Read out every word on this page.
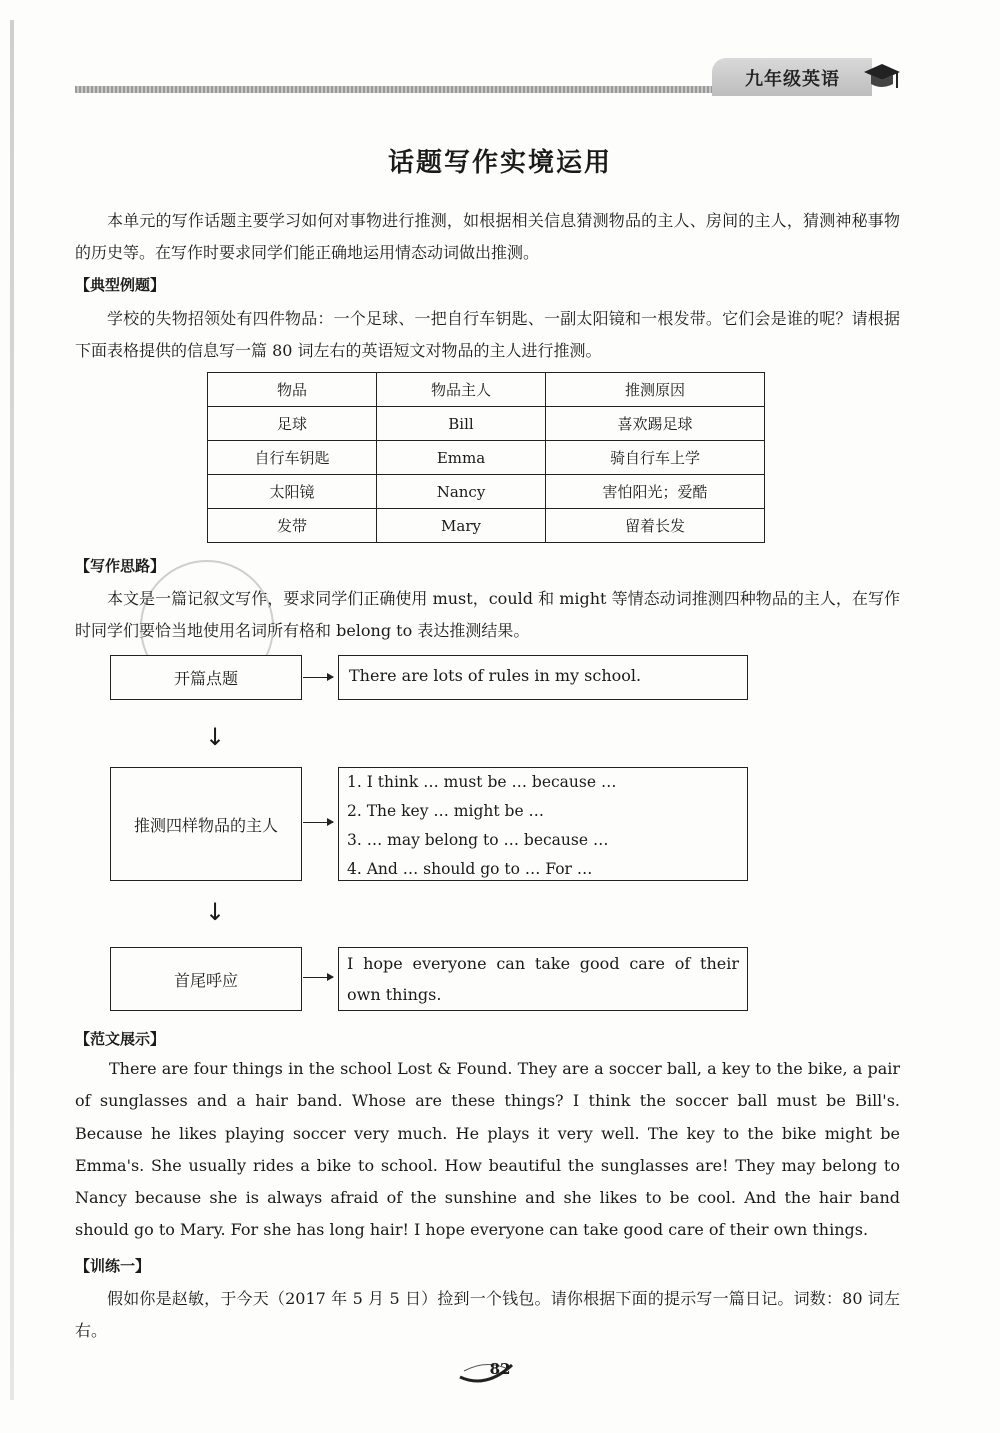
九年级英语
话题写作实境运用
本单元的写作话题主要学习如何对事物进行推测，如根据相关信息猜测物品的主人、房间的主人，猜测神秘事物的历史等。在写作时要求同学们能正确地运用情态动词做出推测。
【典型例题】
学校的失物招领处有四件物品：一个足球、一把自行车钥匙、一副太阳镜和一根发带。它们会是谁的呢？请根据下面表格提供的信息写一篇 80 词左右的英语短文对物品的主人进行推测。
物品	物品主人	推测原因
足球	Bill	喜欢踢足球
自行车钥匙	Emma	骑自行车上学
太阳镜	Nancy	害怕阳光；爱酷
发带	Mary	留着长发
【写作思路】
本文是一篇记叙文写作，要求同学们正确使用 must，could 和 might 等情态动词推测四种物品的主人，在写作时同学们要恰当地使用名词所有格和 belong to 表达推测结果。
开篇点题	There are lots of rules in my school.
↓
推测四样物品的主人
1. I think … must be … because …
2. The key … might be …
3. … may belong to … because …
4. And … should go to … For …
↓
首尾呼应
I hope everyone can take good care of their own things.
【范文展示】
There are four things in the school Lost & Found. They are a soccer ball, a key to the bike, a pair of sunglasses and a hair band. Whose are these things? I think the soccer ball must be Bill's. Because he likes playing soccer very much. He plays it very well. The key to the bike might be Emma's. She usually rides a bike to school. How beautiful the sunglasses are! They may belong to Nancy because she is always afraid of the sunshine and she likes to be cool. And the hair band should go to Mary. For she has long hair! I hope everyone can take good care of their own things.
【训练一】
假如你是赵敏，于今天（2017 年 5 月 5 日）捡到一个钱包。请你根据下面的提示写一篇日记。词数：80 词左右。
82
